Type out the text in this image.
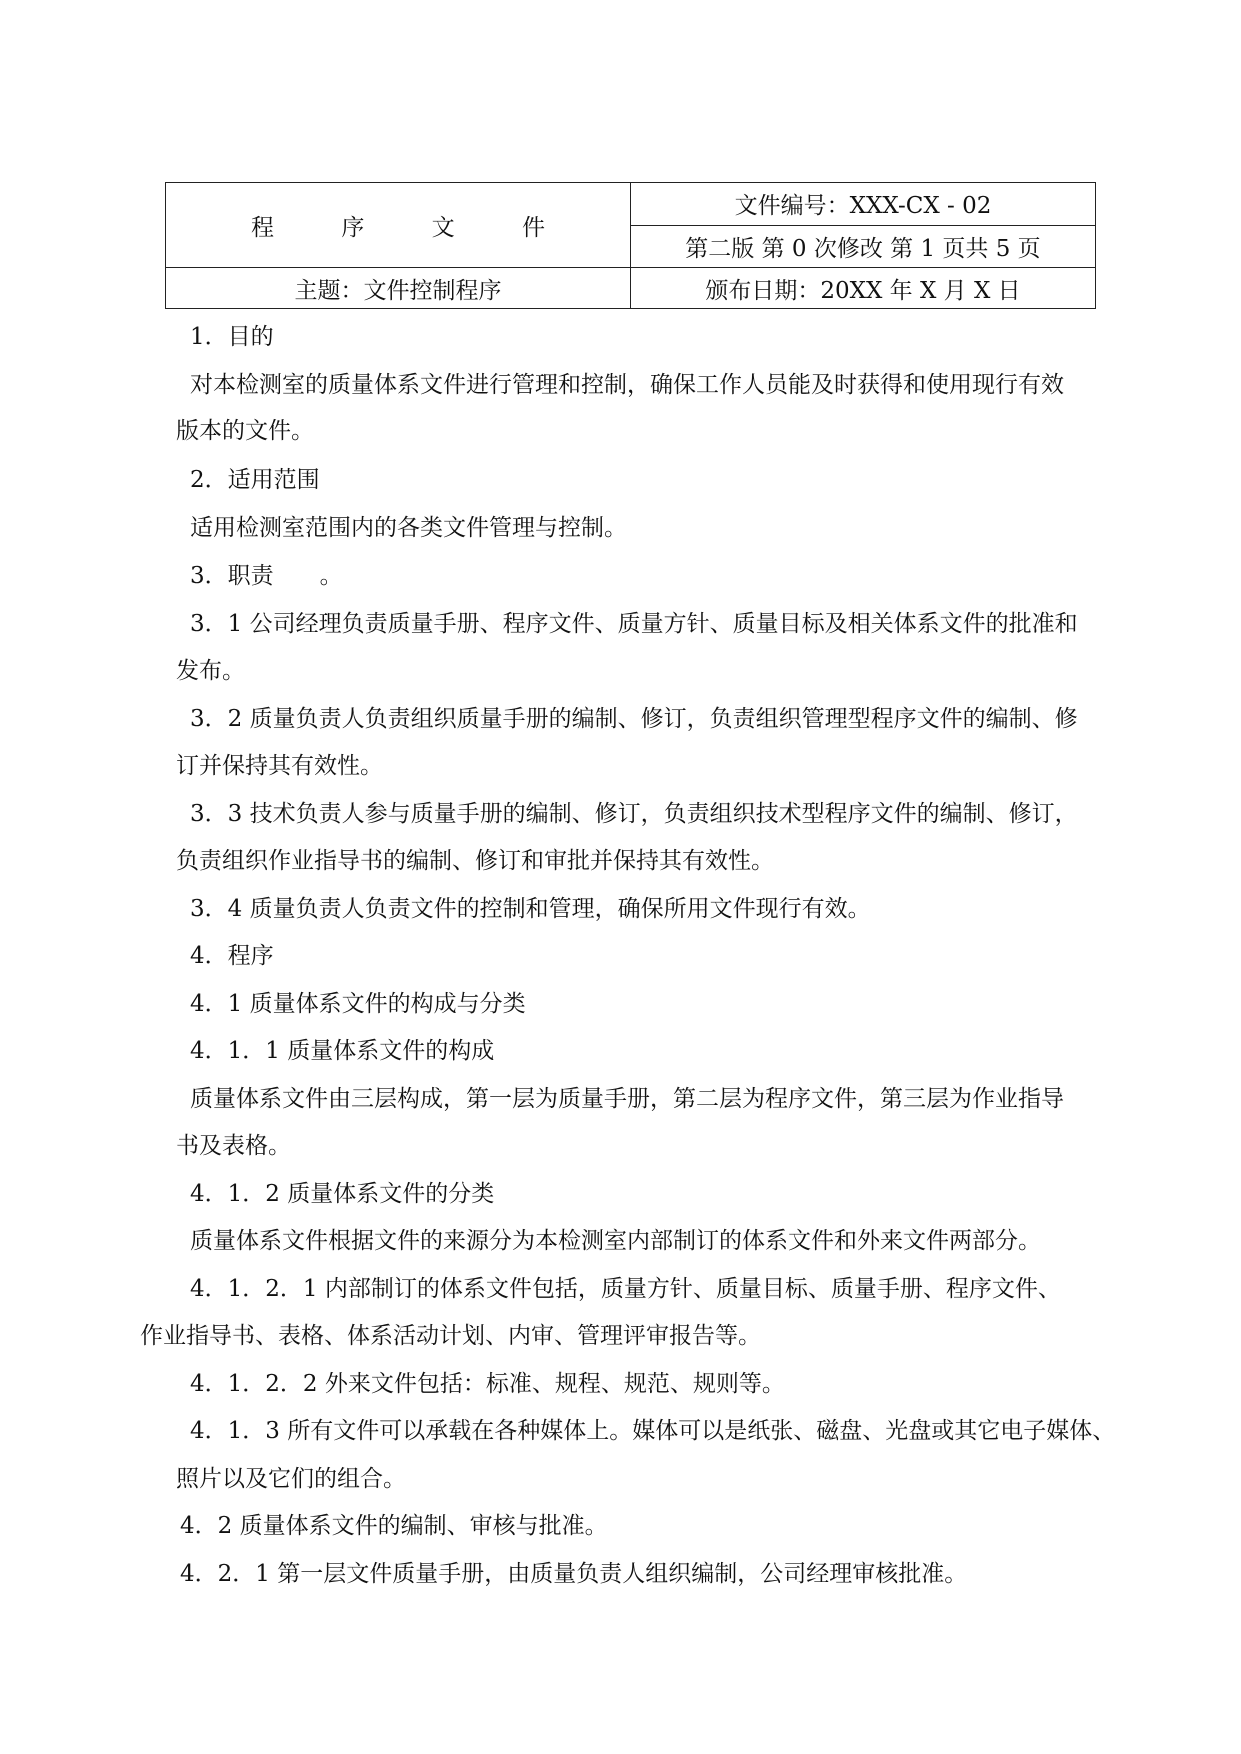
程 序 文 件	文件编号：XXX-CX - 02
	第二版 第 0 次修改 第 1 页共 5 页
主题：文件控制程序	颁布日期：20XX 年 X 月 X 日
1．目的
对本检测室的质量体系文件进行管理和控制，确保工作人员能及时获得和使用现行有效
版本的文件。
2．适用范围
适用检测室范围内的各类文件管理与控制。
3．职责　　。
3．1 公司经理负责质量手册、程序文件、质量方针、质量目标及相关体系文件的批准和
发布。
3．2 质量负责人负责组织质量手册的编制、修订，负责组织管理型程序文件的编制、修
订并保持其有效性。
3．3 技术负责人参与质量手册的编制、修订，负责组织技术型程序文件的编制、修订，
负责组织作业指导书的编制、修订和审批并保持其有效性。
3．4 质量负责人负责文件的控制和管理，确保所用文件现行有效。
4．程序
4．1 质量体系文件的构成与分类
4．1．1 质量体系文件的构成
质量体系文件由三层构成，第一层为质量手册，第二层为程序文件，第三层为作业指导
书及表格。
4．1．2 质量体系文件的分类
质量体系文件根据文件的来源分为本检测室内部制订的体系文件和外来文件两部分。
4．1．2．1 内部制订的体系文件包括，质量方针、质量目标、质量手册、程序文件、
作业指导书、表格、体系活动计划、内审、管理评审报告等。
4．1．2．2 外来文件包括：标准、规程、规范、规则等。
4．1．3 所有文件可以承载在各种媒体上。媒体可以是纸张、磁盘、光盘或其它电子媒体、
照片以及它们的组合。
4．2 质量体系文件的编制、审核与批准。
4．2．1 第一层文件质量手册，由质量负责人组织编制，公司经理审核批准。
